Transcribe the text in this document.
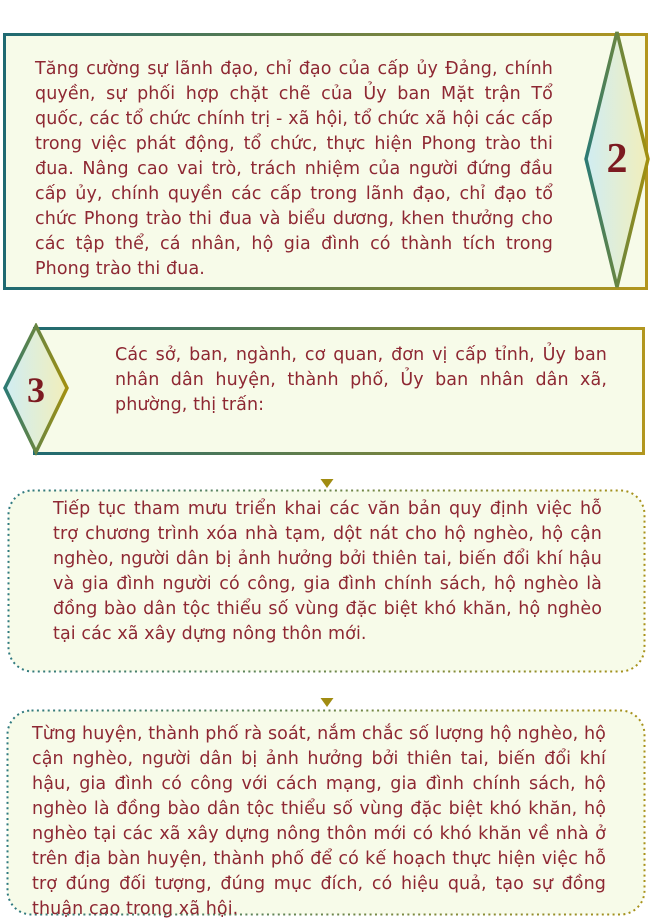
Tăng cường sự lãnh đạo, chỉ đạo của cấp ủy Đảng, chính quyền, sự phối hợp chặt chẽ của Ủy ban Mặt trận Tổ quốc, các tổ chức chính trị - xã hội, tổ chức xã hội các cấp trong việc phát động, tổ chức, thực hiện Phong trào thi đua. Nâng cao vai trò, trách nhiệm của người đứng đầu cấp ủy, chính quyền các cấp trong lãnh đạo, chỉ đạo tổ chức Phong trào thi đua và biểu dương, khen thưởng cho các tập thể, cá nhân, hộ gia đình có thành tích trong Phong trào thi đua.
2
Các sở, ban, ngành, cơ quan, đơn vị cấp tỉnh, Ủy ban nhân dân huyện, thành phố, Ủy ban nhân dân xã, phường, thị trấn:
3
Tiếp tục tham mưu triển khai các văn bản quy định việc hỗ trợ chương trình xóa nhà tạm, dột nát cho hộ nghèo, hộ cận nghèo, người dân bị ảnh hưởng bởi thiên tai, biến đổi khí hậu và gia đình người có công, gia đình chính sách, hộ nghèo là đồng bào dân tộc thiểu số vùng đặc biệt khó khăn, hộ nghèo tại các xã xây dựng nông thôn mới.
Từng huyện, thành phố rà soát, nắm chắc số lượng hộ nghèo, hộ cận nghèo, người dân bị ảnh hưởng bởi thiên tai, biến đổi khí hậu, gia đình có công với cách mạng, gia đình chính sách, hộ nghèo là đồng bào dân tộc thiểu số vùng đặc biệt khó khăn, hộ nghèo tại các xã xây dựng nông thôn mới có khó khăn về nhà ở trên địa bàn huyện, thành phố để có kế hoạch thực hiện việc hỗ trợ đúng đối tượng, đúng mục đích, có hiệu quả, tạo sự đồng thuận cao trong xã hội.
